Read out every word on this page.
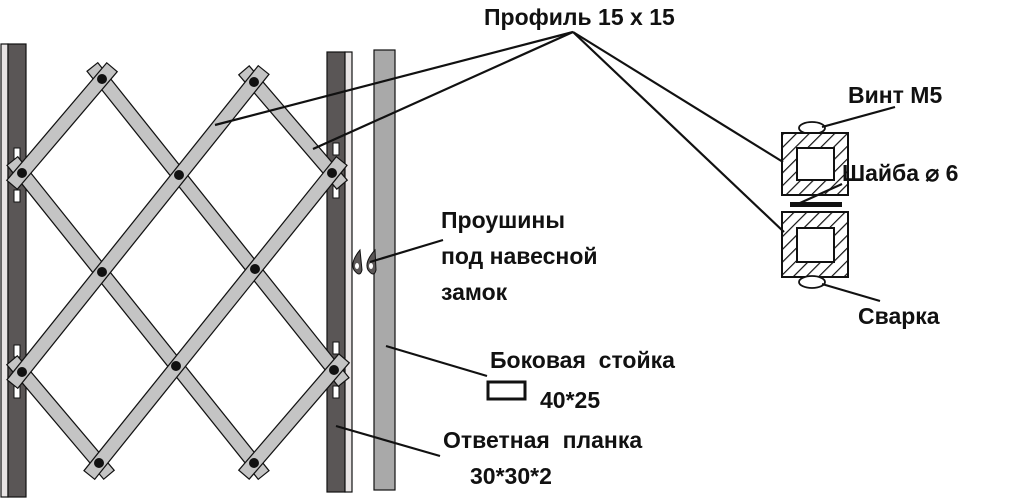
Профиль 15 х 15
Винт М5
Шайба ⌀ 6
Сварка
Проушины
под навесной
замок
Боковая  стойка
40*25
Ответная  планка
30*30*2
